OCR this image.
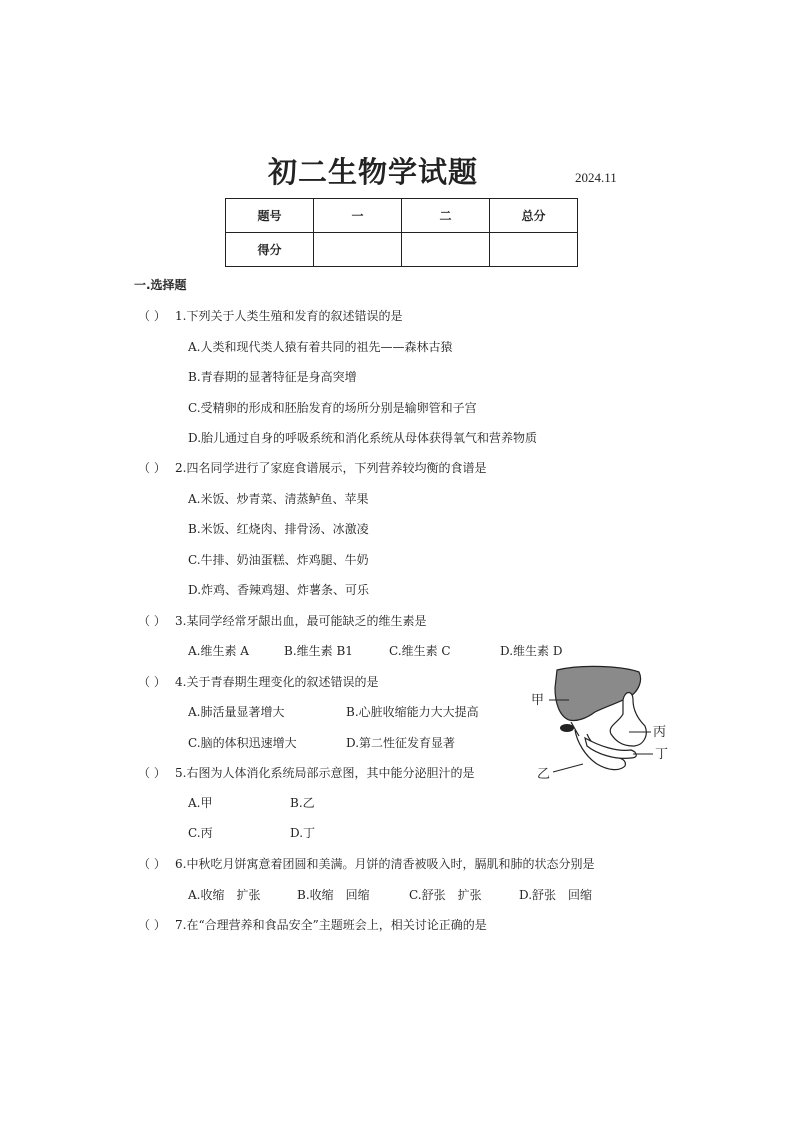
初二生物学试题	2024.11
题号	一	二	总分
得分			
一.选择题
（ ） 1.下列关于人类生殖和发育的叙述错误的是
A.人类和现代类人猿有着共同的祖先——森林古猿
B.青春期的显著特征是身高突增
C.受精卵的形成和胚胎发育的场所分别是输卵管和子宫
D.胎儿通过自身的呼吸系统和消化系统从母体获得氧气和营养物质
（ ） 2.四名同学进行了家庭食谱展示，下列营养较均衡的食谱是
A.米饭、炒青菜、清蒸鲈鱼、苹果
B.米饭、红烧肉、排骨汤、冰激凌
C.牛排、奶油蛋糕、炸鸡腿、牛奶
D.炸鸡、香辣鸡翅、炸薯条、可乐
（ ） 3.某同学经常牙龈出血，最可能缺乏的维生素是
A.维生素 A	B.维生素 B1	C.维生素 C	D.维生素 D
（ ） 4.关于青春期生理变化的叙述错误的是
A.肺活量显著增大	B.心脏收缩能力大大提高
C.脑的体积迅速增大	D.第二性征发育显著
（ ） 5.右图为人体消化系统局部示意图，其中能分泌胆汁的是
A.甲	B.乙
C.丙	D.丁
（ ） 6.中秋吃月饼寓意着团圆和美满。月饼的清香被吸入时，膈肌和肺的状态分别是
A.收缩　扩张	B.收缩　回缩	C.舒张　扩张	D.舒张　回缩
（ ） 7.在“合理营养和食品安全”主题班会上，相关讨论正确的是
甲
丙
丁
乙
